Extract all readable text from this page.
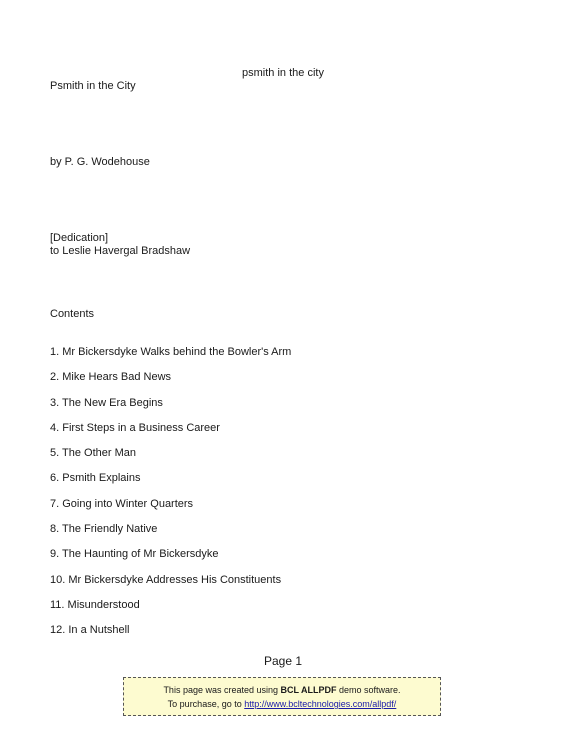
psmith in the city
Psmith in the City
by P. G. Wodehouse
[Dedication]
to Leslie Havergal Bradshaw
Contents
1. Mr Bickersdyke Walks behind the Bowler's Arm
2. Mike Hears Bad News
3. The New Era Begins
4. First Steps in a Business Career
5. The Other Man
6. Psmith Explains
7. Going into Winter Quarters
8. The Friendly Native
9. The Haunting of Mr Bickersdyke
10. Mr Bickersdyke Addresses His Constituents
11. Misunderstood
12. In a Nutshell
Page 1
This page was created using BCL ALLPDF demo software.
To purchase, go to http://www.bcltechnologies.com/allpdf/
